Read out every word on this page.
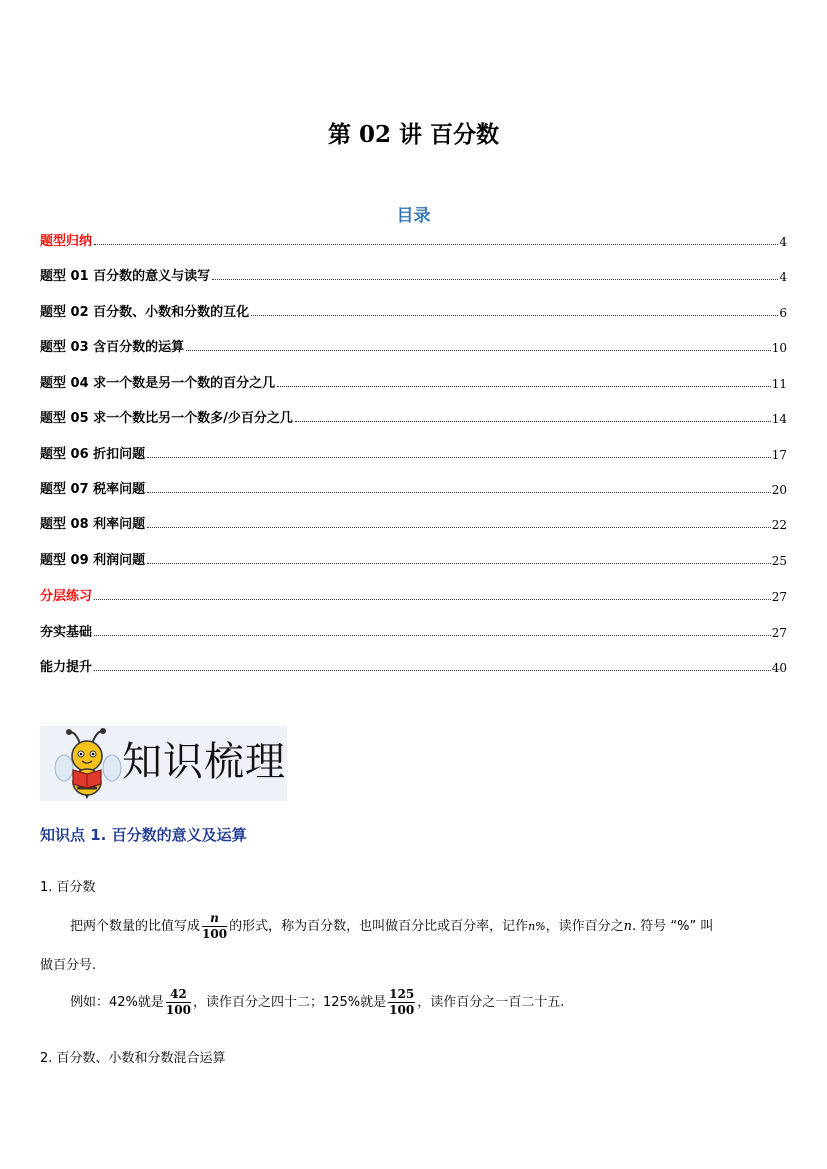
第 02 讲 百分数
目录
题型归纳	4
题型 01 百分数的意义与读写	4
题型 02 百分数、小数和分数的互化	6
题型 03 含百分数的运算	10
题型 04 求一个数是另一个数的百分之几	11
题型 05 求一个数比另一个数多/少百分之几	14
题型 06 折扣问题	17
题型 07 税率问题	20
题型 08 利率问题	22
题型 09 利润问题	25
分层练习	27
夯实基础	27
能力提升	40
知识梳理
知识点 1. 百分数的意义及运算
1. 百分数
把两个数量的比值写成 $\frac{n}{100}$ 的形式，称为百分数，也叫做百分比或百分率，记作n%，读作百分之n. 符号 “%” 叫
做百分号.
例如：42%就是 $\frac{42}{100}$ ，读作百分之四十二；125%就是 $\frac{125}{100}$ ，读作百分之一百二十五.
2. 百分数、小数和分数混合运算
